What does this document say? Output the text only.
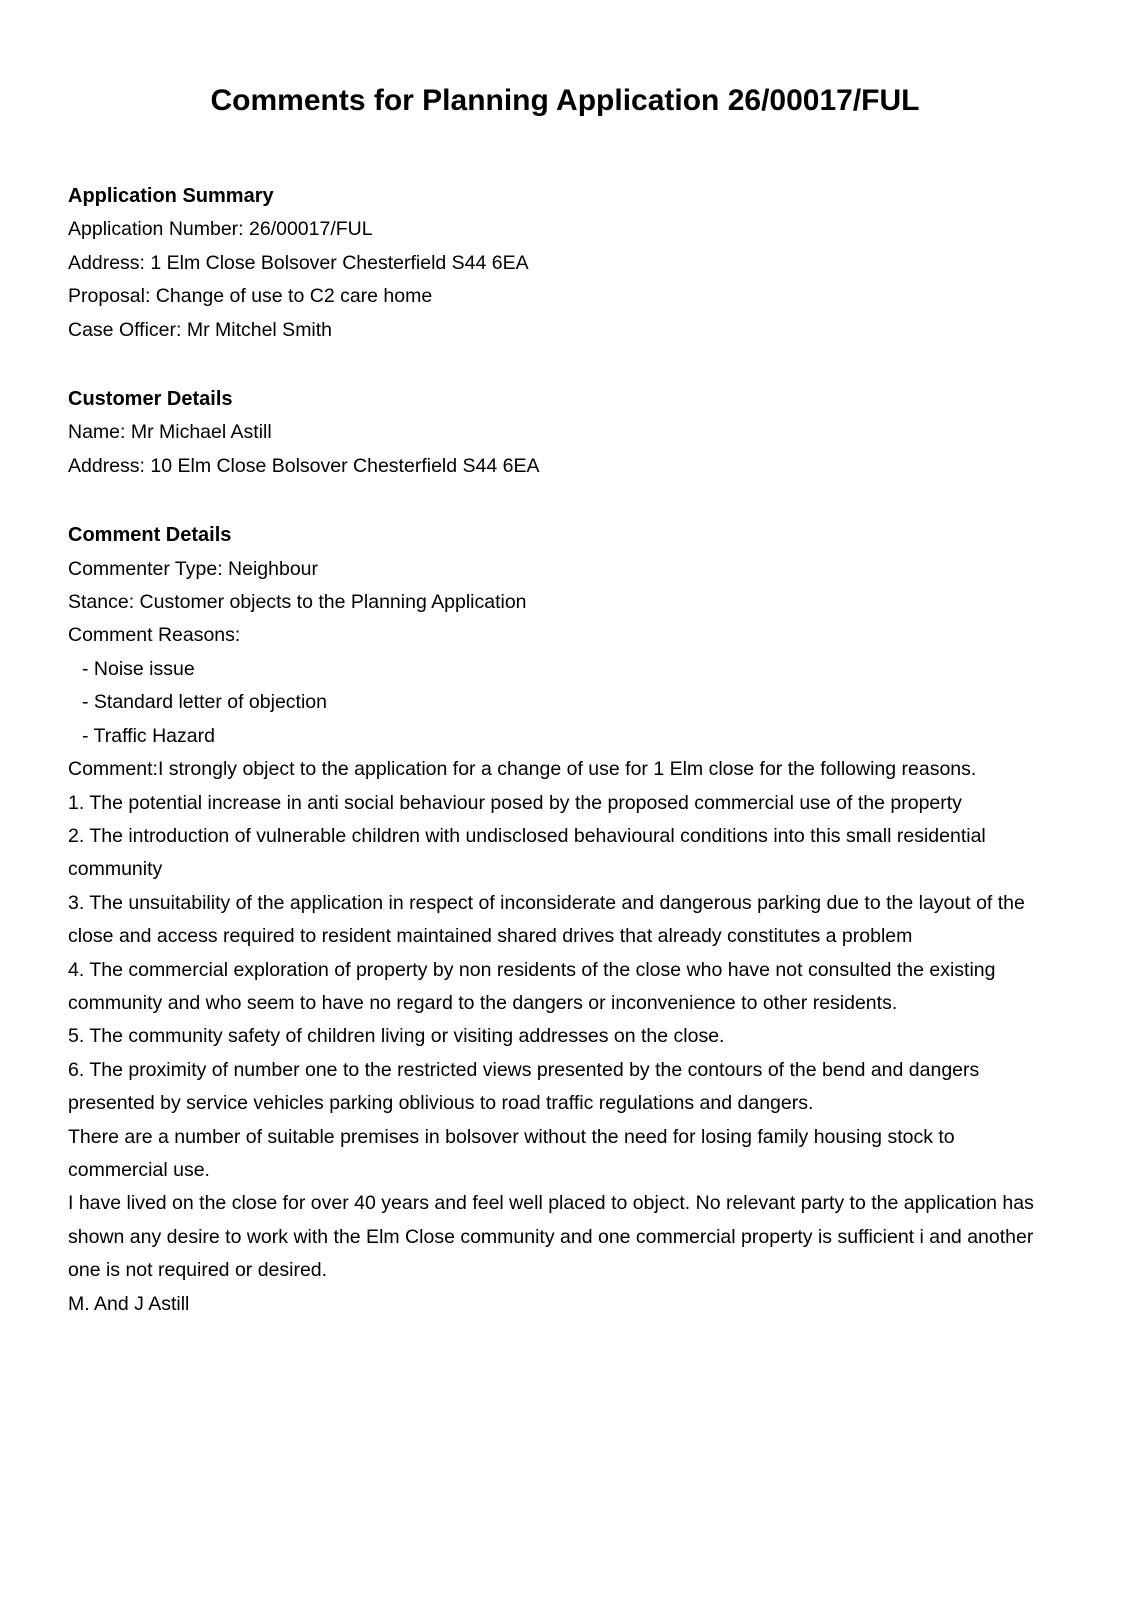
Comments for Planning Application 26/00017/FUL

Application Summary

Application Number: 26/00017/FUL

Address: 1 Elm Close Bolsover Chesterfield S44 6EA

Proposal: Change of use to C2 care home

Case Officer: Mr Mitchel Smith

Customer Details

Name: Mr Michael Astill

Address: 10 Elm Close Bolsover Chesterfield S44 6EA

Comment Details

Commenter Type: Neighbour

Stance: Customer objects to the Planning Application

Comment Reasons:

- Noise issue

- Standard letter of objection

- Traffic Hazard

Comment:I strongly object to the application for a change of use for 1 Elm close for the following reasons.

1. The potential increase in anti social behaviour posed by the proposed commercial use of the property

2. The introduction of vulnerable children with undisclosed behavioural conditions into this small residential community

3. The unsuitability of the application in respect of inconsiderate and dangerous parking due to the layout of the close and access required to resident maintained shared drives that already constitutes a problem

4. The commercial exploration of property by non residents of the close who have not consulted the existing community and who seem to have no regard to the dangers or inconvenience to other residents.

5. The community safety of children living or visiting addresses on the close.

6. The proximity of number one to the restricted views presented by the contours of the bend and dangers presented by service vehicles parking oblivious to road traffic regulations and dangers.

There are a number of suitable premises in bolsover without the need for losing family housing stock to commercial use.

I have lived on the close for over 40 years and feel well placed to object. No relevant party to the application has shown any desire to work with the Elm Close community and one commercial property is sufficient i and another one is not required or desired.

M. And J Astill
